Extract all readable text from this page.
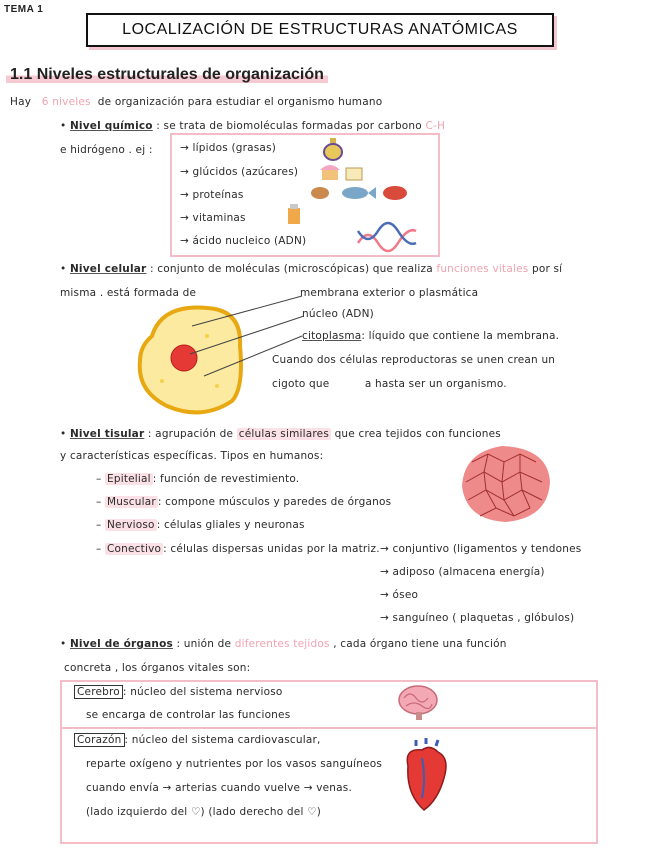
TEMA 1
LOCALIZACIÓN DE ESTRUCTURAS ANATÓMICAS
1.1 Niveles estructurales de organización
Hay 6 niveles de organización para estudiar el organismo humano
• Nivel químico : se trata de biomoléculas formadas por carbono C-H
e hidrógeno . ej :	→ lípidos (grasas)
→ glúcidos (azúcares)
→ proteínas
→ vitaminas
→ ácido nucleico (ADN)
• Nivel celular : conjunto de moléculas (microscópicas) que realiza funciones vitales por sí
misma . está formada de	membrana exterior o plasmática
núcleo (ADN)
citoplasma: líquido que contiene la membrana.
Cuando dos células reproductoras se unen crean un
cigoto que	a hasta ser un organismo.
• Nivel tisular : agrupación de células similares que crea tejidos con funciones
y características específicas. Tipos en humanos:
– Epitelial : función de revestimiento.
– Muscular : compone músculos y paredes de órganos
– Nervioso : células gliales y neuronas
– Conectivo : células dispersas unidas por la matriz. → conjuntivo (ligamentos y tendones
→ adiposo (almacena energía)
→ óseo
→ sanguíneo ( plaquetas , glóbulos)
• Nivel de órganos : unión de diferentes tejidos , cada órgano tiene una función
concreta , los órganos vitales son:
Cerebro : núcleo del sistema nervioso
se encarga de controlar las funciones
Corazón : núcleo del sistema cardiovascular,
reparte oxígeno y nutrientes por los vasos sanguíneos
cuando envía → arterias cuando vuelve → venas.
(lado izquierdo del ♡) (lado derecho del ♡)
